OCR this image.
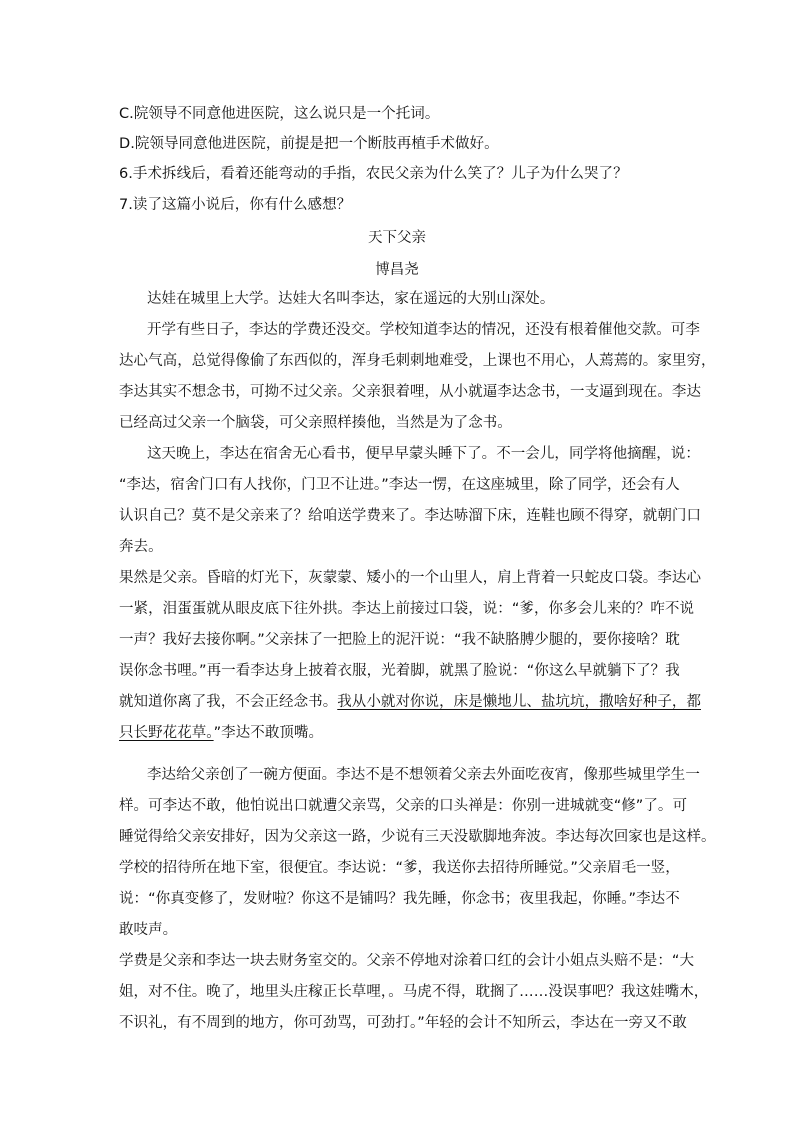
C.院领导不同意他进医院，这么说只是一个托词。
D.院领导同意他进医院，前提是把一个断肢再植手术做好。
6.手术拆线后，看着还能弯动的手指，农民父亲为什么笑了？儿子为什么哭了？
7.读了这篇小说后，你有什么感想？
天下父亲
博昌尧
达娃在城里上大学。达娃大名叫李达，家在遥远的大别山深处。
开学有些日子，李达的学费还没交。学校知道李达的情况，还没有根着催他交款。可李
达心气高，总觉得像偷了东西似的，浑身毛刺刺地难受，上课也不用心，人蔫蔫的。家里穷，
李达其实不想念书，可拗不过父亲。父亲狠着哩，从小就逼李达念书，一支逼到现在。李达
已经高过父亲一个脑袋，可父亲照样揍他，当然是为了念书。
这天晚上，李达在宿舍无心看书，便早早蒙头睡下了。不一会儿，同学将他摘醒，说：
“李达，宿舍门口有人找你，门卫不让进。”李达一愣，在这座城里，除了同学，还会有人
认识自己？莫不是父亲来了？给咱送学费来了。李达哧溜下床，连鞋也顾不得穿，就朝门口
奔去。
果然是父亲。昏暗的灯光下，灰蒙蒙、矮小的一个山里人，肩上背着一只蛇皮口袋。李达心
一紧，泪蛋蛋就从眼皮底下往外拱。李达上前接过口袋，说：“爹，你多会儿来的？咋不说
一声？我好去接你啊。”父亲抹了一把脸上的泥汗说：“我不缺胳膊少腿的，要你接啥？耽
误你念书哩。”再一看李达身上披着衣服，光着脚，就黑了脸说：“你这么早就躺下了？我
就知道你离了我，不会正经念书。我从小就对你说，床是懒地儿、盐坑坑，撒啥好种子，都
只长野花花草。”李达不敢顶嘴。
李达给父亲创了一碗方便面。李达不是不想领着父亲去外面吃夜宵，像那些城里学生一
样。可李达不敢，他怕说出口就遭父亲骂，父亲的口头禅是：你别一进城就变“修”了。可
睡觉得给父亲安排好，因为父亲这一路，少说有三天没歇脚地奔波。李达每次回家也是这样。
学校的招待所在地下室，很便宜。李达说：“爹，我送你去招待所睡觉。”父亲眉毛一竖，
说：“你真变修了，发财啦？你这不是铺吗？我先睡，你念书；夜里我起，你睡。”李达不
敢吱声。
学费是父亲和李达一块去财务室交的。父亲不停地对涂着口红的会计小姐点头赔不是：“大
姐，对不住。晚了，地里头庄稼正长草哩，。马虎不得，耽搁了……没误事吧？我这娃嘴木，
不识礼，有不周到的地方，你可劲骂，可劲打。”年轻的会计不知所云，李达在一旁又不敢
